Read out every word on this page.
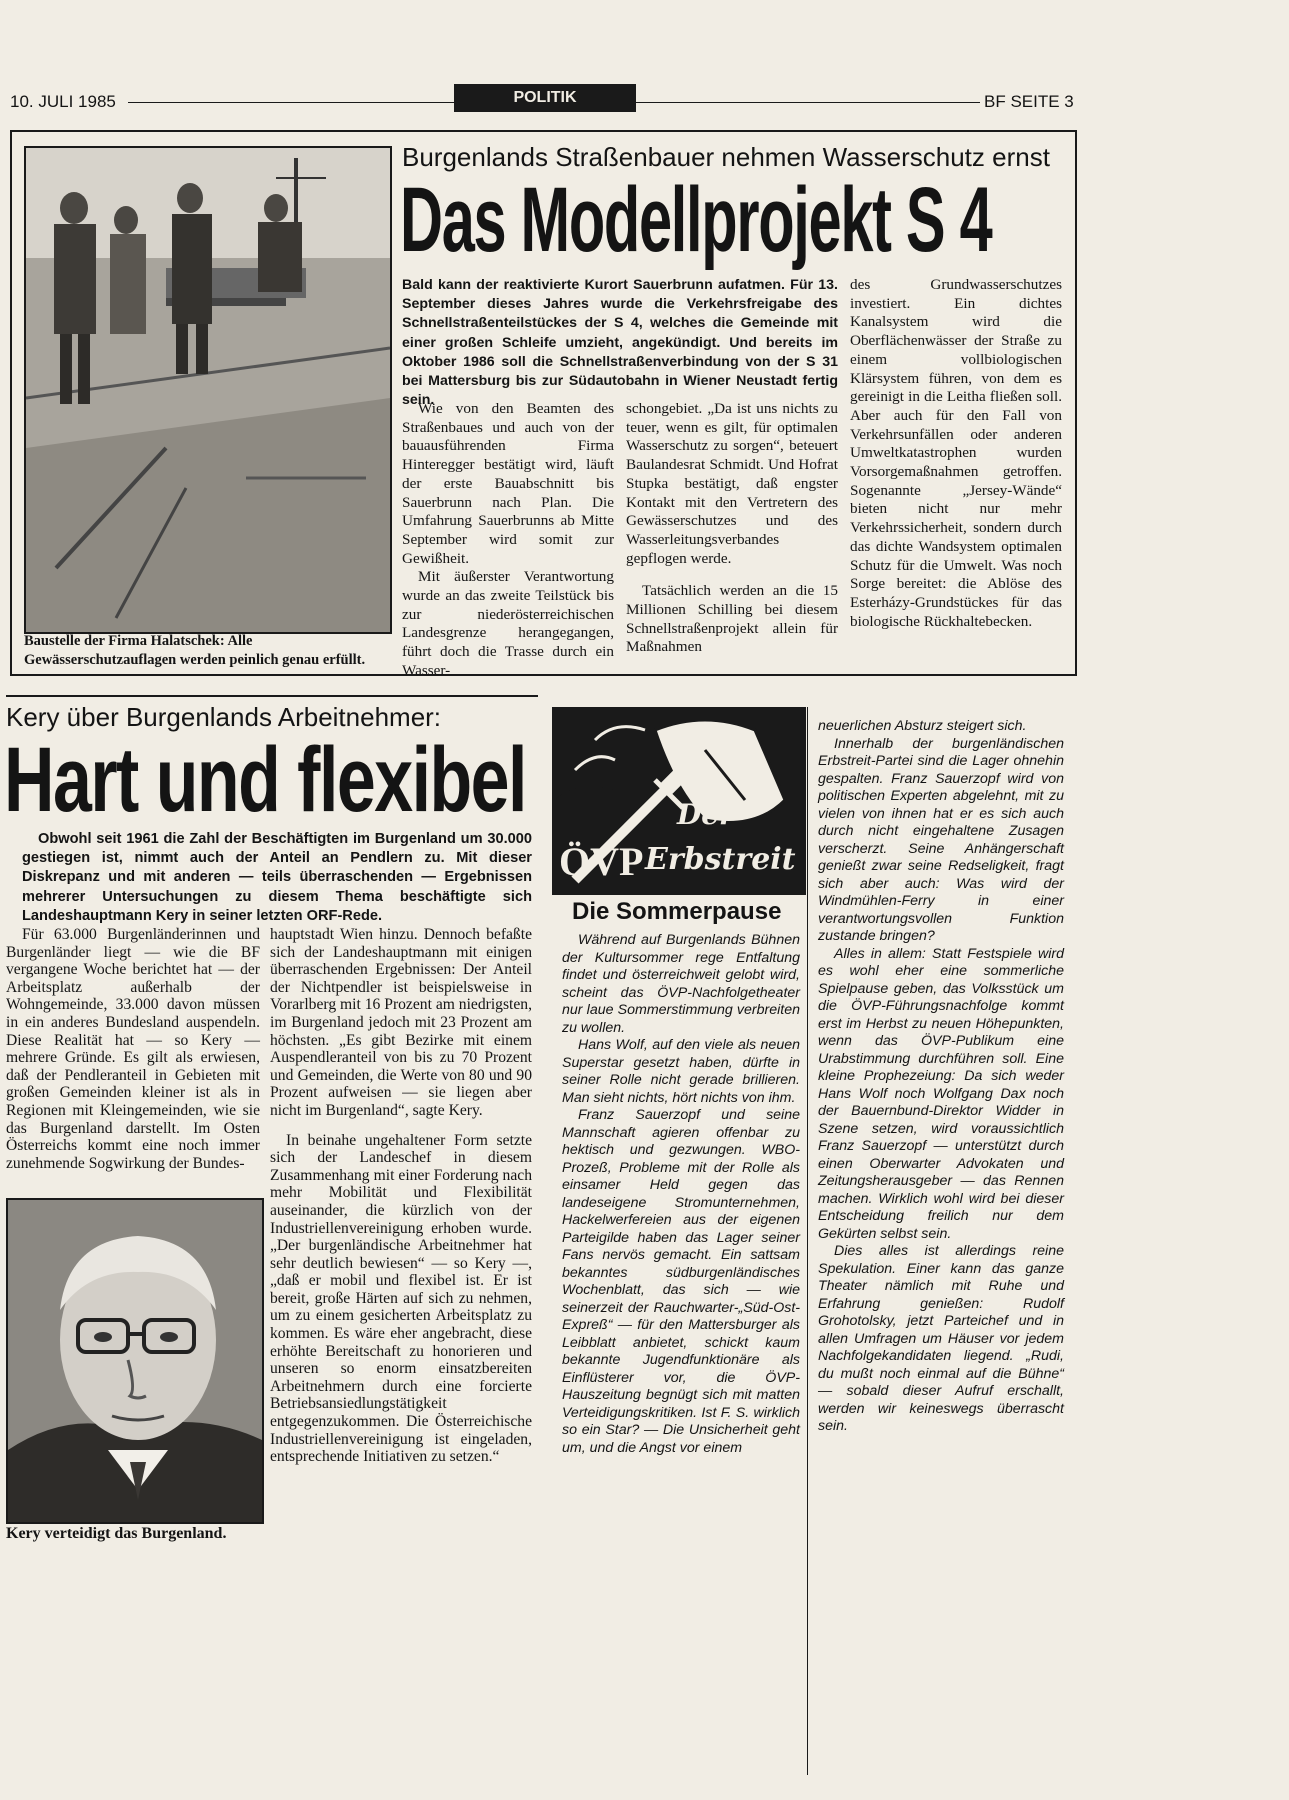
10. JULI 1985	POLITIK	BF SEITE 3
Baustelle der Firma Halatschek: Alle Gewässerschutzauflagen werden peinlich genau erfüllt.
Burgenlands Straßenbauer nehmen Wasserschutz ernst
Das Modellprojekt S 4

Bald kann der reaktivierte Kurort Sauerbrunn aufatmen. Für 13. September dieses Jahres wurde die Verkehrsfreigabe des Schnellstraßenteilstückes der S 4, welches die Gemeinde mit einer großen Schleife umzieht, angekündigt. Und bereits im Oktober 1986 soll die Schnellstraßenverbindung von der S 31 bei Mattersburg bis zur Südautobahn in Wiener Neustadt fertig sein.

Wie von den Beamten des Straßenbaues und auch von der bauausführenden Firma Hinteregger bestätigt wird, läuft der erste Bauabschnitt bis Sauerbrunn nach Plan. Die Umfahrung Sauerbrunns ab Mitte September wird somit zur Gewißheit.

Mit äußerster Verantwortung wurde an das zweite Teilstück bis zur niederösterreichischen Landesgrenze herangegangen, führt doch die Trasse durch ein Wasser-

schongebiet. „Da ist uns nichts zu teuer, wenn es gilt, für optimalen Wasserschutz zu sorgen“, beteuert Baulandesrat Schmidt. Und Hofrat Stupka bestätigt, daß engster Kontakt mit den Vertretern des Gewässerschutzes und des Wasserleitungsverbandes gepflogen werde.

Tatsächlich werden an die 15 Millionen Schilling bei diesem Schnellstraßenprojekt allein für Maßnahmen

des Grundwasserschutzes investiert. Ein dichtes Kanalsystem wird die Oberflächenwässer der Straße zu einem vollbiologischen Klärsystem führen, von dem es gereinigt in die Leitha fließen soll. Aber auch für den Fall von Verkehrsunfällen oder anderen Umweltkatastrophen wurden Vorsorgemaßnahmen getroffen. Sogenannte „Jersey-Wände“ bieten nicht nur mehr Verkehrssicherheit, sondern durch das dichte Wandsystem optimalen Schutz für die Umwelt. Was noch Sorge bereitet: die Ablöse des Esterházy-Grundstückes für das biologische Rückhaltebecken.

Kery über Burgenlands Arbeitnehmer:
Hart und flexibel

Obwohl seit 1961 die Zahl der Beschäftigten im Burgenland um 30.000 gestiegen ist, nimmt auch der Anteil an Pendlern zu. Mit dieser Diskrepanz und mit anderen — teils überraschenden — Ergebnissen mehrerer Untersuchungen zu diesem Thema beschäftigte sich Landeshauptmann Kery in seiner letzten ORF-Rede.

Für 63.000 Burgenländerinnen und Burgenländer liegt — wie die BF vergangene Woche berichtet hat — der Arbeitsplatz außerhalb der Wohngemeinde, 33.000 davon müssen in ein anderes Bundesland auspendeln. Diese Realität hat — so Kery — mehrere Gründe. Es gilt als erwiesen, daß der Pendleranteil in Gebieten mit großen Gemeinden kleiner ist als in Regionen mit Kleingemeinden, wie sie das Burgenland darstellt. Im Osten Österreichs kommt eine noch immer zunehmende Sogwirkung der Bundes-

Kery verteidigt das Burgenland.

hauptstadt Wien hinzu. Dennoch befaßte sich der Landeshauptmann mit einigen überraschenden Ergebnissen: Der Anteil der Nichtpendler ist beispielsweise in Vorarlberg mit 16 Prozent am niedrigsten, im Burgenland jedoch mit 23 Prozent am höchsten. „Es gibt Bezirke mit einem Auspendleranteil von bis zu 70 Prozent und Gemeinden, die Werte von 80 und 90 Prozent aufweisen — sie liegen aber nicht im Burgenland“, sagte Kery.

In beinahe ungehaltener Form setzte sich der Landeschef in diesem Zusammenhang mit einer Forderung nach mehr Mobilität und Flexibilität auseinander, die kürzlich von der Industriellenvereinigung erhoben wurde. „Der burgenländische Arbeitnehmer hat sehr deutlich bewiesen“ — so Kery —, „daß er mobil und flexibel ist. Er ist bereit, große Härten auf sich zu nehmen, um zu einem gesicherten Arbeitsplatz zu kommen. Es wäre eher angebracht, diese erhöhte Bereitschaft zu honorieren und unseren so enorm einsatzbereiten Arbeitnehmern durch eine forcierte Betriebsansiedlungstätigkeit entgegenzukommen. Die Österreichische Industriellenvereinigung ist eingeladen, entsprechende Initiativen zu setzen.“

Der
ÖVP Erbstreit
Die Sommerpause

Während auf Burgenlands Bühnen der Kultursommer rege Entfaltung findet und österreichweit gelobt wird, scheint das ÖVP-Nachfolgetheater nur laue Sommerstimmung verbreiten zu wollen.

Hans Wolf, auf den viele als neuen Superstar gesetzt haben, dürfte in seiner Rolle nicht gerade brillieren. Man sieht nichts, hört nichts von ihm.

Franz Sauerzopf und seine Mannschaft agieren offenbar zu hektisch und gezwungen. WBO-Prozeß, Probleme mit der Rolle als einsamer Held gegen das landeseigene Stromunternehmen, Hackelwerfereien aus der eigenen Parteigilde haben das Lager seiner Fans nervös gemacht. Ein sattsam bekanntes südburgenländisches Wochenblatt, das sich — wie seinerzeit der Rauchwarter-„Süd-Ost-Expreß“ — für den Mattersburger als Leibblatt anbietet, schickt kaum bekannte Jugendfunktionäre als Einflüsterer vor, die ÖVP-Hauszeitung begnügt sich mit matten Verteidigungskritiken. Ist F. S. wirklich so ein Star? — Die Unsicherheit geht um, und die Angst vor einem

neuerlichen Absturz steigert sich.

Innerhalb der burgenländischen Erbstreit-Partei sind die Lager ohnehin gespalten. Franz Sauerzopf wird von politischen Experten abgelehnt, mit zu vielen von ihnen hat er es sich auch durch nicht eingehaltene Zusagen verscherzt. Seine Anhängerschaft genießt zwar seine Redseligkeit, fragt sich aber auch: Was wird der Windmühlen-Ferry in einer verantwortungsvollen Funktion zustande bringen?

Alles in allem: Statt Festspiele wird es wohl eher eine sommerliche Spielpause geben, das Volksstück um die ÖVP-Führungsnachfolge kommt erst im Herbst zu neuen Höhepunkten, wenn das ÖVP-Publikum eine Urabstimmung durchführen soll. Eine kleine Prophezeiung: Da sich weder Hans Wolf noch Wolfgang Dax noch der Bauernbund-Direktor Widder in Szene setzen, wird voraussichtlich Franz Sauerzopf — unterstützt durch einen Oberwarter Advokaten und Zeitungsherausgeber — das Rennen machen. Wirklich wohl wird bei dieser Entscheidung freilich nur dem Gekürten selbst sein.

Dies alles ist allerdings reine Spekulation. Einer kann das ganze Theater nämlich mit Ruhe und Erfahrung genießen: Rudolf Grohotolsky, jetzt Parteichef und in allen Umfragen um Häuser vor jedem Nachfolgekandidaten liegend. „Rudi, du mußt noch einmal auf die Bühne“ — sobald dieser Aufruf erschallt, werden wir keineswegs überrascht sein.
